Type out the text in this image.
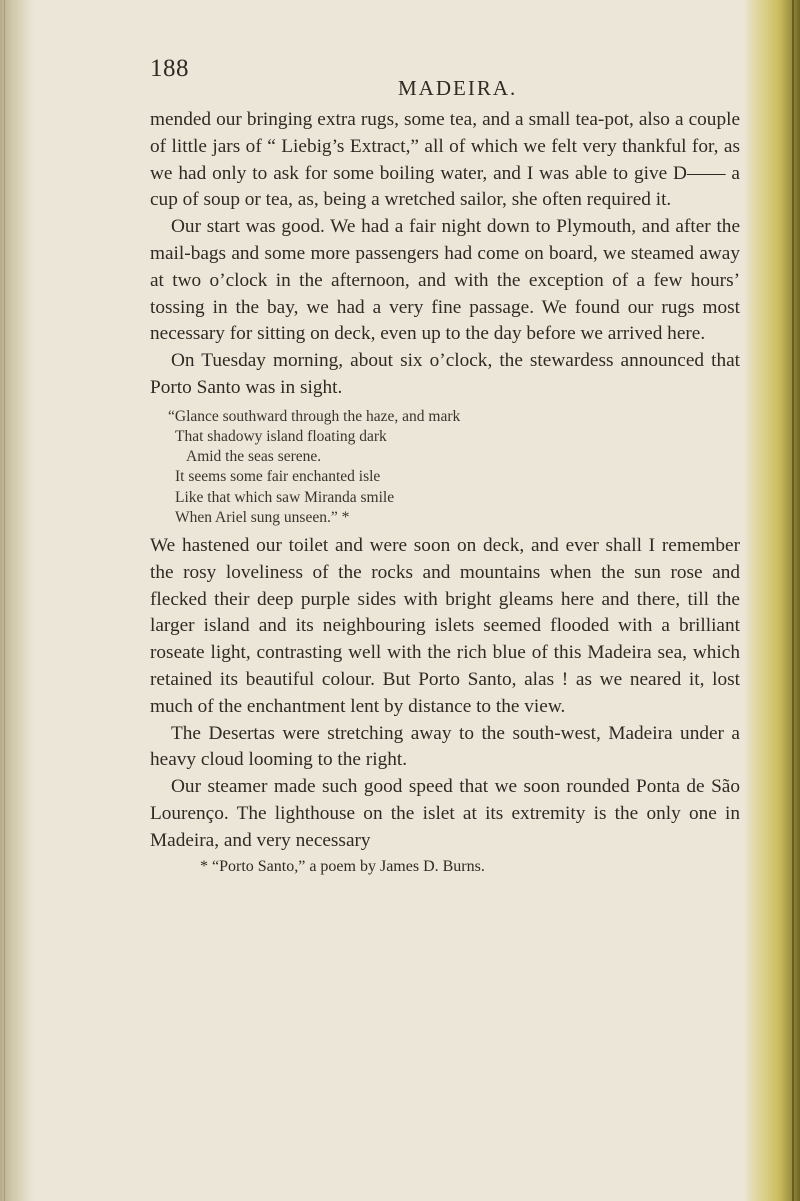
188
MADEIRA.

mended our bringing extra rugs, some tea, and a small tea-pot, also a couple of little jars of “ Liebig’s Extract,” all of which we felt very thankful for, as we had only to ask for some boiling water, and I was able to give D—— a cup of soup or tea, as, being a wretched sailor, she often required it.

Our start was good. We had a fair night down to Plymouth, and after the mail-bags and some more passengers had come on board, we steamed away at two o’clock in the afternoon, and with the exception of a few hours’ tossing in the bay, we had a very fine passage. We found our rugs most necessary for sitting on deck, even up to the day before we arrived here.

On Tuesday morning, about six o’clock, the stewardess announced that Porto Santo was in sight.

“Glance southward through the haze, and mark
That shadowy island floating dark
Amid the seas serene.
It seems some fair enchanted isle
Like that which saw Miranda smile
When Ariel sung unseen.” *

We hastened our toilet and were soon on deck, and ever shall I remember the rosy loveliness of the rocks and mountains when the sun rose and flecked their deep purple sides with bright gleams here and there, till the larger island and its neighbouring islets seemed flooded with a brilliant roseate light, contrasting well with the rich blue of this Madeira sea, which retained its beautiful colour. But Porto Santo, alas ! as we neared it, lost much of the enchantment lent by distance to the view.

The Desertas were stretching away to the south-west, Madeira under a heavy cloud looming to the right.

Our steamer made such good speed that we soon rounded Ponta de São Lourenço. The lighthouse on the islet at its extremity is the only one in Madeira, and very necessary

* “Porto Santo,” a poem by James D. Burns.
